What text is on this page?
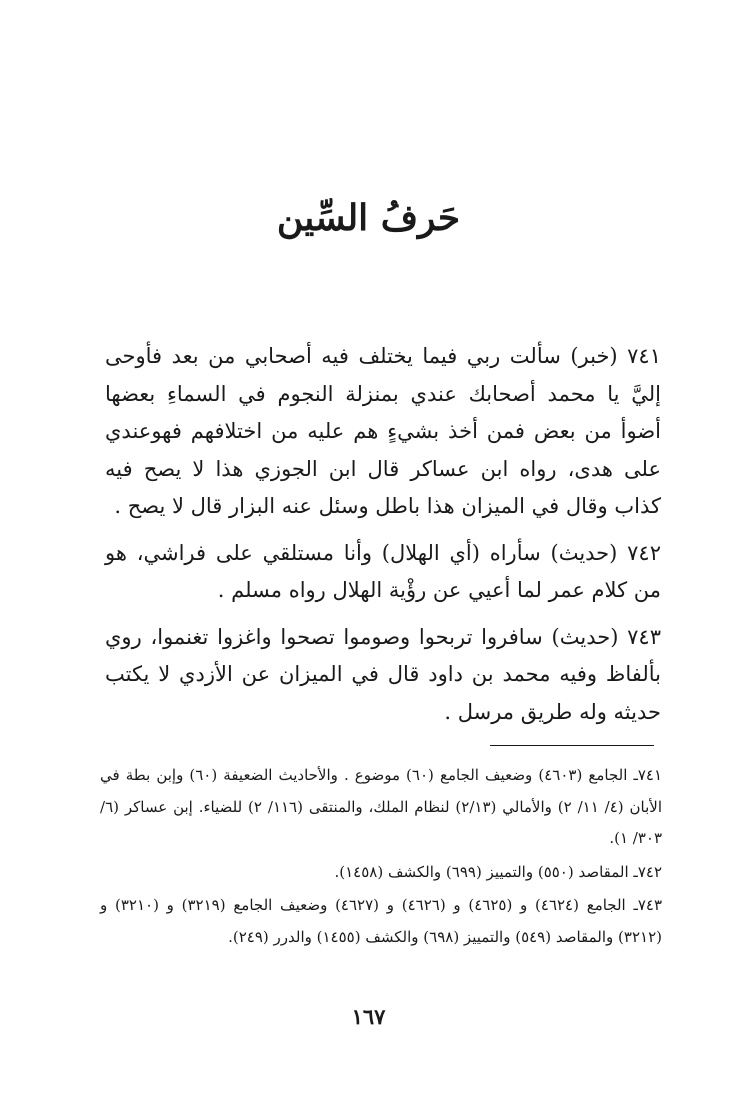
حَرفُ السِّين

٧٤١ (خبر) سألت ربي فيما يختلف فيه أصحابي من بعد فأوحى إليَّ يا محمد أصحابك عندي بمنزلة النجوم في السماءِ بعضها أضوأ من بعض فمن أخذ بشيءٍ هم عليه من اختلافهم فهوعندي على هدى، رواه ابن عساكر قال ابن الجوزي هذا لا يصح فيه كذاب وقال في الميزان هذا باطل وسئل عنه البزار قال لا يصح .

٧٤٢ (حديث) سأراه (أي الهلال) وأنا مستلقي على فراشي، هو من كلام عمر لما أعيي عن رؤْية الهلال رواه مسلم .

٧٤٣ (حديث) سافروا تربحوا وصوموا تصحوا واغزوا تغنموا، روي بألفاظ وفيه محمد بن داود قال في الميزان عن الأزدي لا يكتب حديثه وله طريق مرسل .

٧٤١ـ الجامع (٤٦٠٣) وضعيف الجامع (٦٠) موضوع . والأحاديث الضعيفة (٦٠) وإبن بطة في الأبان (٤/ ١١/ ٢) والأمالي (٢/١٣) لنظام الملك، والمنتقى (١١٦/ ٢) للضياء. إبن عساكر (٦/ ٣٠٣/ ١).

٧٤٢ـ المقاصد (٥٥٠) والتمييز (٦٩٩) والكشف (١٤٥٨).

٧٤٣ـ الجامع (٤٦٢٤) و (٤٦٢٥) و (٤٦٢٦) و (٤٦٢٧) وضعيف الجامع (٣٢١٩) و (٣٢١٠) و (٣٢١٢) والمقاصد (٥٤٩) والتمييز (٦٩٨) والكشف (١٤٥٥) والدرر (٢٤٩).

١٦٧
